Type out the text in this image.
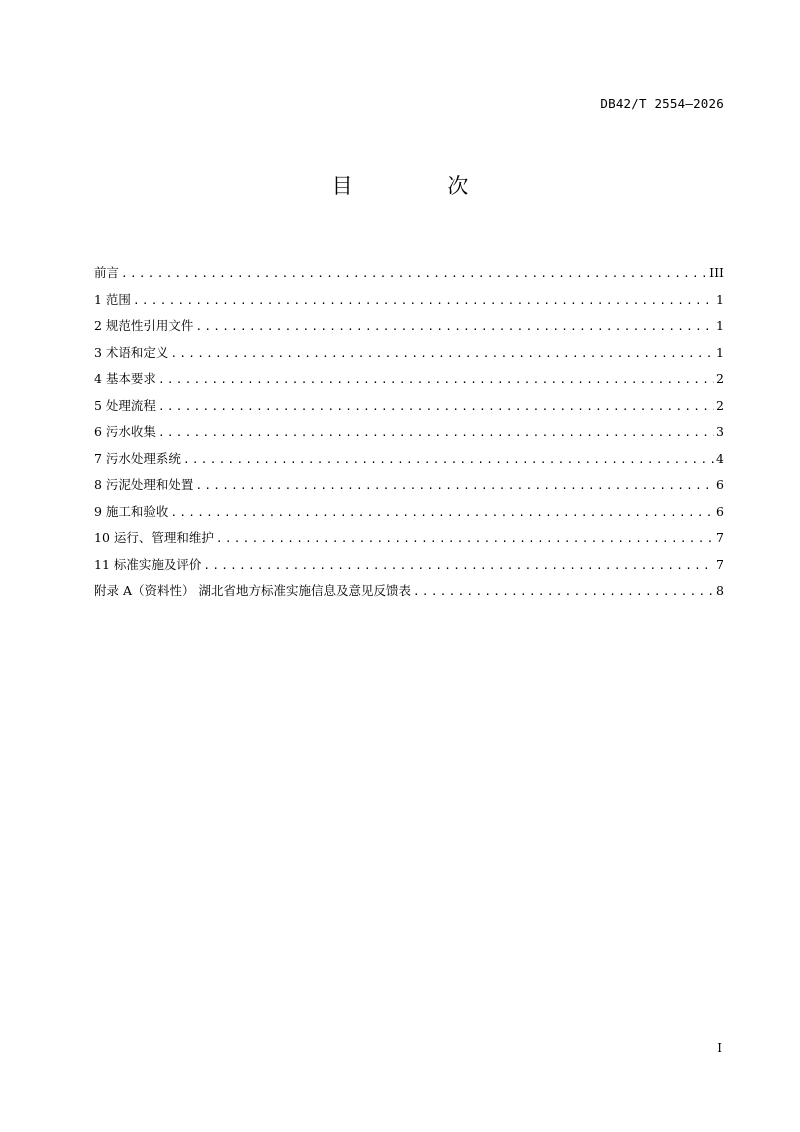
DB42/T 2554—2026
目 次
前言 .....	III
1 范围 .....	1
2 规范性引用文件 .....	1
3 术语和定义 .....	1
4 基本要求 .....	2
5 处理流程 .....	2
6 污水收集 .....	3
7 污水处理系统 .....	4
8 污泥处理和处置 .....	6
9 施工和验收 .....	6
10 运行、管理和维护 .....	7
11 标准实施及评价 .....	7
附录 A（资料性） 湖北省地方标准实施信息及意见反馈表 .....	8
I
